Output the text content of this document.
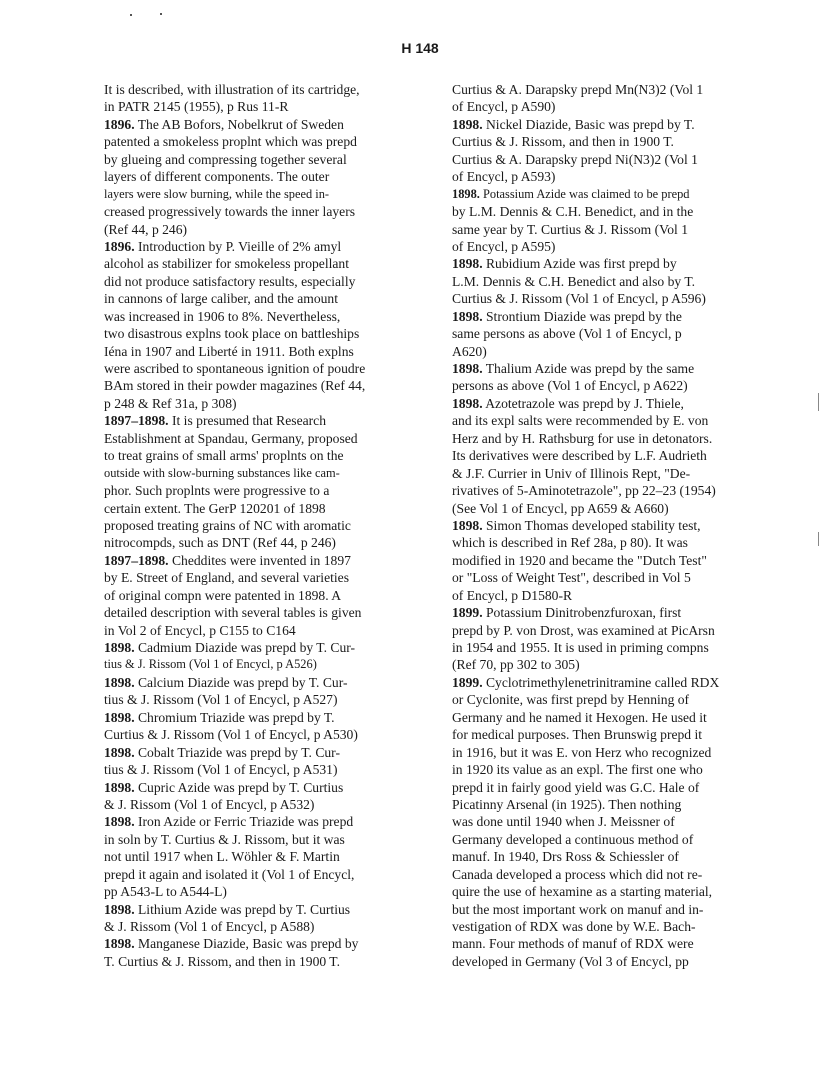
H 148
It is described, with illustration of its cartridge,
in PATR 2145 (1955), p Rus 11-R
1896. The AB Bofors, Nobelkrut of Sweden
patented a smokeless proplnt which was prepd
by glueing and compressing together several
layers of different components. The outer
layers were slow burning, while the speed in-
creased progressively towards the inner layers
(Ref 44, p 246)
1896. Introduction by P. Vieille of 2% amyl
alcohol as stabilizer for smokeless propellant
did not produce satisfactory results, especially
in cannons of large caliber, and the amount
was increased in 1906 to 8%. Nevertheless,
two disastrous explns took place on battleships
Iéna in 1907 and Liberté in 1911. Both explns
were ascribed to spontaneous ignition of poudre
BAm stored in their powder magazines (Ref 44,
p 248 & Ref 31a, p 308)
1897–1898. It is presumed that Research
Establishment at Spandau, Germany, proposed
to treat grains of small arms' proplnts on the
outside with slow-burning substances like cam-
phor. Such proplnts were progressive to a
certain extent. The GerP 120201 of 1898
proposed treating grains of NC with aromatic
nitrocompds, such as DNT (Ref 44, p 246)
1897–1898. Cheddites were invented in 1897
by E. Street of England, and several varieties
of original compn were patented in 1898. A
detailed description with several tables is given
in Vol 2 of Encycl, p C155 to C164
1898. Cadmium Diazide was prepd by T. Cur-
tius & J. Rissom (Vol 1 of Encycl, p A526)
1898. Calcium Diazide was prepd by T. Cur-
tius & J. Rissom (Vol 1 of Encycl, p A527)
1898. Chromium Triazide was prepd by T.
Curtius & J. Rissom (Vol 1 of Encycl, p A530)
1898. Cobalt Triazide was prepd by T. Cur-
tius & J. Rissom (Vol 1 of Encycl, p A531)
1898. Cupric Azide was prepd by T. Curtius
& J. Rissom (Vol 1 of Encycl, p A532)
1898. Iron Azide or Ferric Triazide was prepd
in soln by T. Curtius & J. Rissom, but it was
not until 1917 when L. Wöhler & F. Martin
prepd it again and isolated it (Vol 1 of Encycl,
pp A543-L to A544-L)
1898. Lithium Azide was prepd by T. Curtius
& J. Rissom (Vol 1 of Encycl, p A588)
1898. Manganese Diazide, Basic was prepd by
T. Curtius & J. Rissom, and then in 1900 T.
Curtius & A. Darapsky prepd Mn(N3)2 (Vol 1
of Encycl, p A590)
1898. Nickel Diazide, Basic was prepd by T.
Curtius & J. Rissom, and then in 1900 T.
Curtius & A. Darapsky prepd Ni(N3)2 (Vol 1
of Encycl, p A593)
1898. Potassium Azide was claimed to be prepd
by L.M. Dennis & C.H. Benedict, and in the
same year by T. Curtius & J. Rissom (Vol 1
of Encycl, p A595)
1898. Rubidium Azide was first prepd by
L.M. Dennis & C.H. Benedict and also by T.
Curtius & J. Rissom (Vol 1 of Encycl, p A596)
1898. Strontium Diazide was prepd by the
same persons as above (Vol 1 of Encycl, p
A620)
1898. Thalium Azide was prepd by the same
persons as above (Vol 1 of Encycl, p A622)
1898. Azotetrazole was prepd by J. Thiele,
and its expl salts were recommended by E. von
Herz and by H. Rathsburg for use in detonators.
Its derivatives were described by L.F. Audrieth
& J.F. Currier in Univ of Illinois Rept, "De-
rivatives of 5-Aminotetrazole", pp 22–23 (1954)
(See Vol 1 of Encycl, pp A659 & A660)
1898. Simon Thomas developed stability test,
which is described in Ref 28a, p 80). It was
modified in 1920 and became the "Dutch Test"
or "Loss of Weight Test", described in Vol 5
of Encycl, p D1580-R
1899. Potassium Dinitrobenzfuroxan, first
prepd by P. von Drost, was examined at PicArsn
in 1954 and 1955. It is used in priming compns
(Ref 70, pp 302 to 305)
1899. Cyclotrimethylenetrinitramine called RDX
or Cyclonite, was first prepd by Henning of
Germany and he named it Hexogen. He used it
for medical purposes. Then Brunswig prepd it
in 1916, but it was E. von Herz who recognized
in 1920 its value as an expl. The first one who
prepd it in fairly good yield was G.C. Hale of
Picatinny Arsenal (in 1925). Then nothing
was done until 1940 when J. Meissner of
Germany developed a continuous method of
manuf. In 1940, Drs Ross & Schiessler of
Canada developed a process which did not re-
quire the use of hexamine as a starting material,
but the most important work on manuf and in-
vestigation of RDX was done by W.E. Bach-
mann. Four methods of manuf of RDX were
developed in Germany (Vol 3 of Encycl, pp
